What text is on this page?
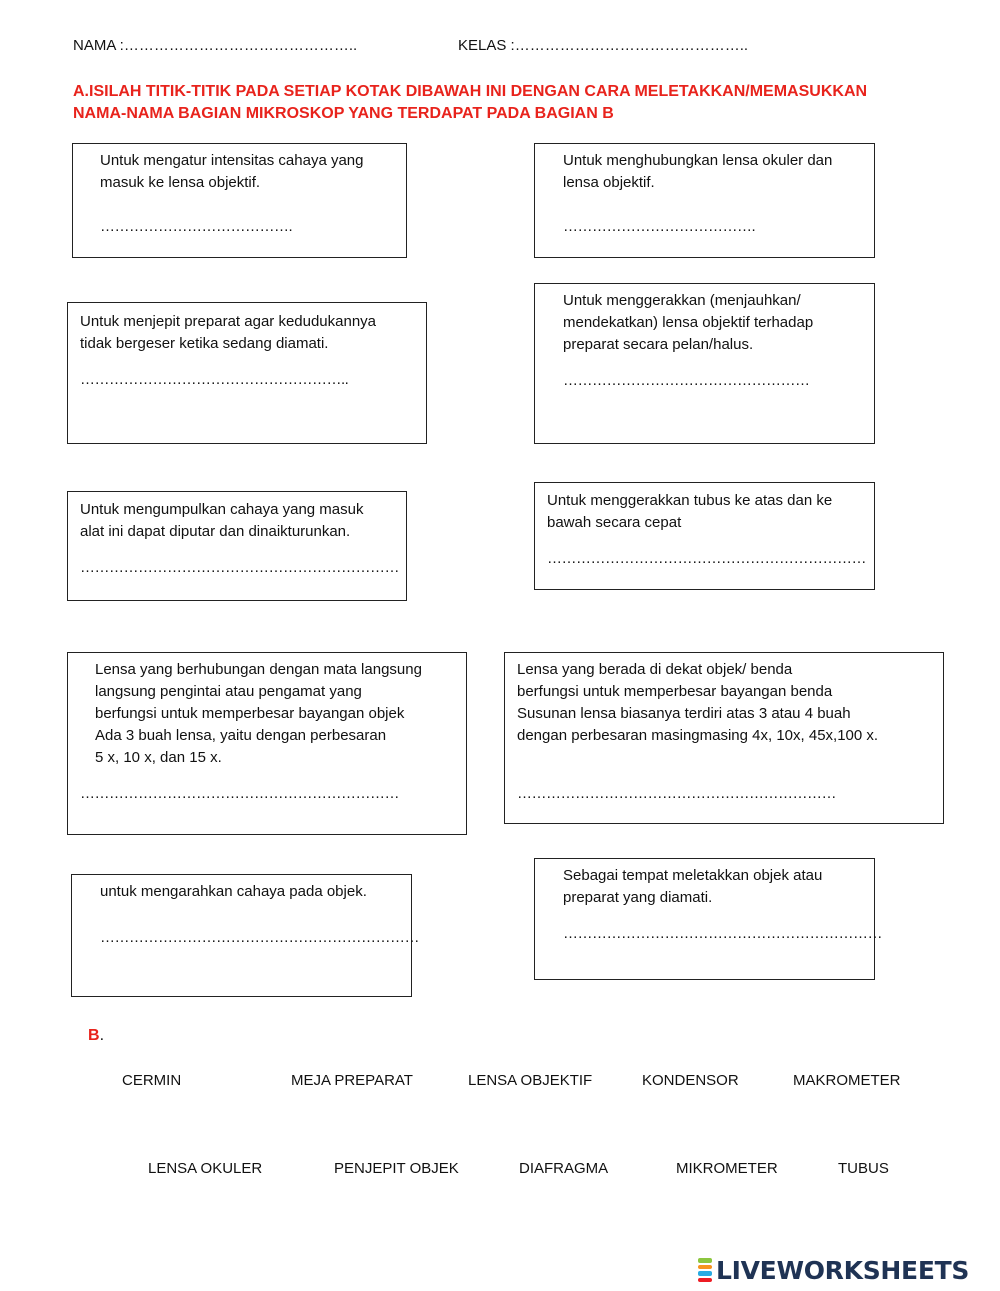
NAMA :………………………………………..	KELAS :………………………………………..
A.ISILAH TITIK-TITIK PADA SETIAP KOTAK DIBAWAH INI DENGAN CARA MELETAKKAN/MEMASUKKAN
NAMA-NAMA BAGIAN MIKROSKOP YANG TERDAPAT PADA BAGIAN B
Untuk mengatur intensitas cahaya yang
masuk ke lensa objektif.
………………………………….
Untuk menghubungkan lensa okuler dan
lensa objektif.
………………………………….
Untuk menjepit preparat agar kedudukannya
tidak bergeser ketika sedang diamati.
………………………………………………..
Untuk menggerakkan (menjauhkan/
mendekatkan) lensa objektif terhadap
preparat secara pelan/halus.
……………………………………………
Untuk mengumpulkan cahaya yang masuk
alat ini dapat diputar dan dinaikturunkan.
…………………………………………………………
Untuk menggerakkan tubus ke atas dan ke
bawah secara cepat
…………………………………………………………
Lensa yang berhubungan dengan mata langsung
langsung pengintai atau pengamat yang
berfungsi untuk memperbesar bayangan objek
Ada 3 buah lensa, yaitu dengan perbesaran
5 x, 10 x, dan 15 x.
…………………………………………………………
Lensa yang berada di dekat objek/ benda
berfungsi untuk memperbesar bayangan benda
Susunan lensa biasanya terdiri atas 3 atau 4 buah
dengan perbesaran masingmasing 4x, 10x, 45x,100 x.
…………………………………………………………
untuk mengarahkan cahaya pada objek.
…………………………………………………………
Sebagai tempat meletakkan objek atau
preparat yang diamati.
…………………………………………………………
B.
CERMIN	MEJA PREPARAT	LENSA OBJEKTIF	KONDENSOR	MAKROMETER
LENSA OKULER	PENJEPIT OBJEK	DIAFRAGMA	MIKROMETER	TUBUS
LIVEWORKSHEETS
